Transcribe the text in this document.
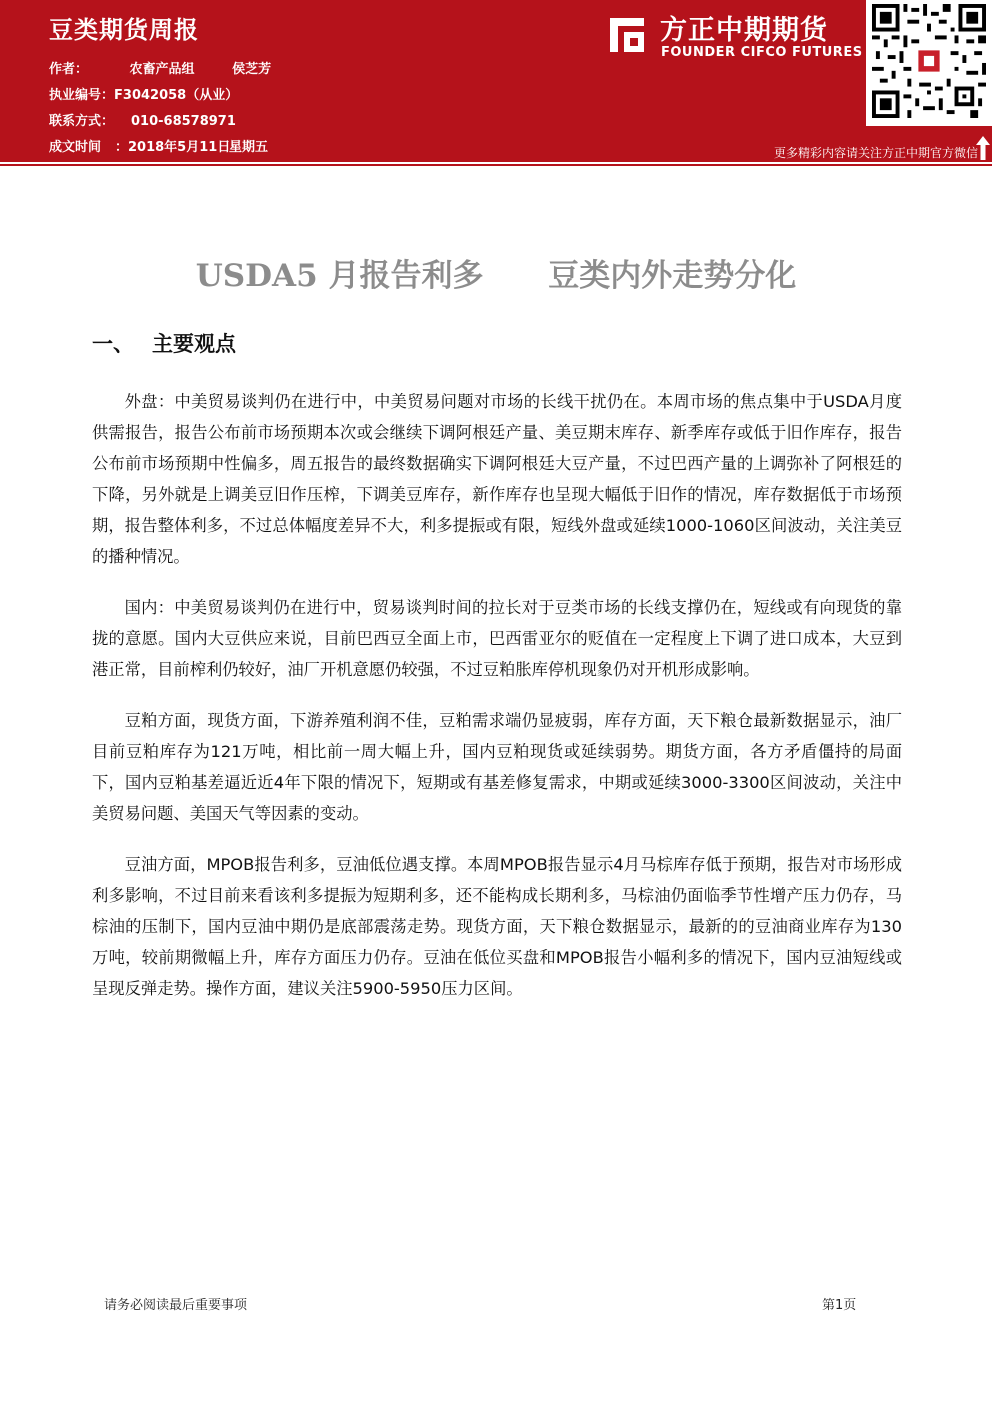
豆类期货周报
作者：	农畜产品组	侯芝芳
执业编号：F3042058（从业）
联系方式： 010-68578971
成文时间 ：2018年5月11日星期五
方正中期期货
FOUNDER CIFCO FUTURES
更多精彩内容请关注方正中期官方微信
USDA5 月报告利多      豆类内外走势分化
一、 主要观点

外盘：中美贸易谈判仍在进行中，中美贸易问题对市场的长线干扰仍在。本周市场的焦点集中于USDA月度供需报告，报告公布前市场预期本次或会继续下调阿根廷产量、美豆期末库存、新季库存或低于旧作库存，报告公布前市场预期中性偏多，周五报告的最终数据确实下调阿根廷大豆产量，不过巴西产量的上调弥补了阿根廷的下降，另外就是上调美豆旧作压榨，下调美豆库存，新作库存也呈现大幅低于旧作的情况，库存数据低于市场预期，报告整体利多，不过总体幅度差异不大，利多提振或有限，短线外盘或延续1000-1060区间波动，关注美豆的播种情况。

国内：中美贸易谈判仍在进行中，贸易谈判时间的拉长对于豆类市场的长线支撑仍在，短线或有向现货的靠拢的意愿。国内大豆供应来说，目前巴西豆全面上市，巴西雷亚尔的贬值在一定程度上下调了进口成本，大豆到港正常，目前榨利仍较好，油厂开机意愿仍较强，不过豆粕胀库停机现象仍对开机形成影响。

豆粕方面，现货方面，下游养殖利润不佳，豆粕需求端仍显疲弱，库存方面，天下粮仓最新数据显示，油厂目前豆粕库存为121万吨，相比前一周大幅上升，国内豆粕现货或延续弱势。期货方面，各方矛盾僵持的局面下，国内豆粕基差逼近近4年下限的情况下，短期或有基差修复需求，中期或延续3000-3300区间波动，关注中美贸易问题、美国天气等因素的变动。

豆油方面，MPOB报告利多，豆油低位遇支撑。本周MPOB报告显示4月马棕库存低于预期，报告对市场形成利多影响，不过目前来看该利多提振为短期利多，还不能构成长期利多，马棕油仍面临季节性增产压力仍存，马棕油的压制下，国内豆油中期仍是底部震荡走势。现货方面，天下粮仓数据显示，最新的的豆油商业库存为130万吨，较前期微幅上升，库存方面压力仍存。豆油在低位买盘和MPOB报告小幅利多的情况下，国内豆油短线或呈现反弹走势。操作方面，建议关注5900-5950压力区间。

请务必阅读最后重要事项	第1页
